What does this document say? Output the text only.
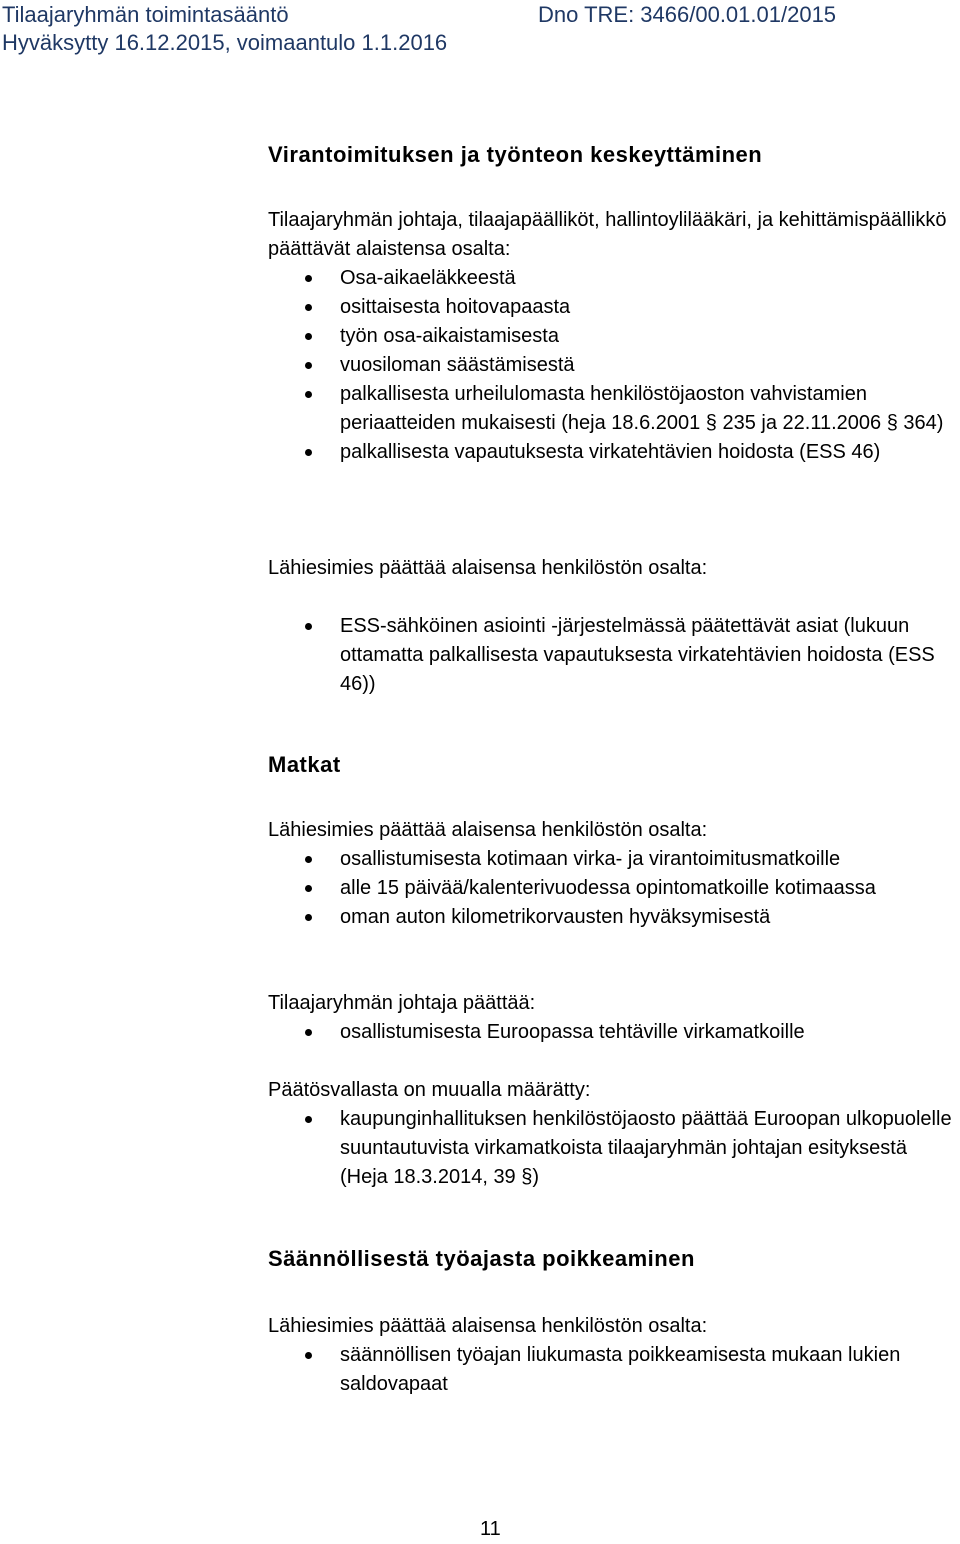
Tilaajaryhmän toimintasääntö
Hyväksytty 16.12.2015, voimaantulo 1.1.2016
Dno TRE: 3466/00.01.01/2015
Virantoimituksen ja työnteon keskeyttäminen
Tilaajaryhmän johtaja, tilaajapäälliköt, hallintoylilääkäri, ja kehittämispäällikkö päättävät alaistensa osalta:
Osa-aikaeläkkeestä
osittaisesta hoitovapaasta
työn osa-aikaistamisesta
vuosiloman säästämisestä
palkallisesta urheilulomasta henkilöstöjaoston vahvistamien periaatteiden mukaisesti (heja 18.6.2001 § 235 ja 22.11.2006 § 364)
palkallisesta vapautuksesta virkatehtävien hoidosta (ESS 46)
Lähiesimies päättää alaisensa henkilöstön osalta:
ESS-sähköinen asiointi -järjestelmässä päätettävät asiat (lukuun ottamatta palkallisesta vapautuksesta virkatehtävien hoidosta (ESS 46))
Matkat
Lähiesimies päättää alaisensa henkilöstön osalta:
osallistumisesta kotimaan virka- ja virantoimitusmatkoille
alle 15 päivää/kalenterivuodessa opintomatkoille kotimaassa
oman auton kilometrikorvausten hyväksymisestä
Tilaajaryhmän johtaja päättää:
osallistumisesta Euroopassa tehtäville virkamatkoille
Päätösvallasta on muualla määrätty:
kaupunginhallituksen henkilöstöjaosto päättää Euroopan ulkopuolelle suuntautuvista virkamatkoista tilaajaryhmän johtajan esityksestä (Heja 18.3.2014, 39 §)
Säännöllisestä työajasta poikkeaminen
Lähiesimies päättää alaisensa henkilöstön osalta:
säännöllisen työajan liukumasta poikkeamisesta mukaan lukien saldovapaat
11
